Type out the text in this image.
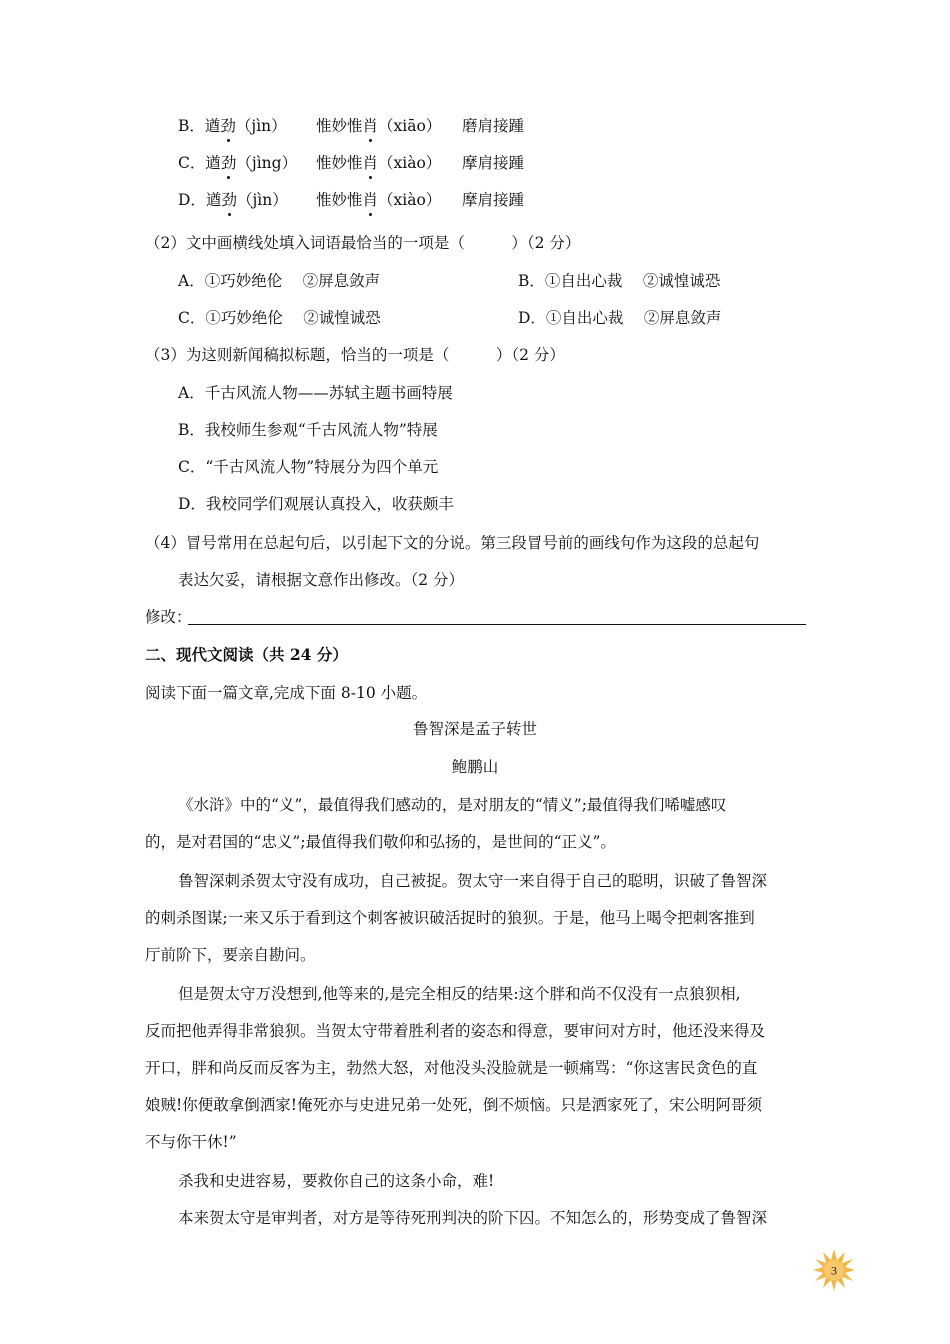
B．遒劲（jìn） 惟妙惟肖（xiāo） 磨肩接踵
C．遒劲（jìng） 惟妙惟肖（xiào） 摩肩接踵
D．遒劲（jìn） 惟妙惟肖（xiào） 摩肩接踵
（2）文中画横线处填入词语最恰当的一项是（　　　）（2 分）
A．①巧妙绝伦　 ②屏息敛声	B．①自出心裁　 ②诚惶诚恐
C．①巧妙绝伦　 ②诚惶诚恐	D．①自出心裁　 ②屏息敛声
（3）为这则新闻稿拟标题，恰当的一项是（　　　）（2 分）
A．千古风流人物——苏轼主题书画特展
B．我校师生参观“千古风流人物”特展
C．“千古风流人物”特展分为四个单元
D．我校同学们观展认真投入，收获颇丰
（4）冒号常用在总起句后，以引起下文的分说。第三段冒号前的画线句作为这段的总起句
表达欠妥，请根据文意作出修改。（2 分）
修改：
二、现代文阅读（共 24 分）
阅读下面一篇文章,完成下面 8-10 小题。
鲁智深是孟子转世
鲍鹏山
《水浒》中的“义”，最值得我们感动的，是对朋友的“情义”;最值得我们唏嘘感叹
的，是对君国的“忠义”;最值得我们敬仰和弘扬的，是世间的“正义”。
鲁智深刺杀贺太守没有成功，自己被捉。贺太守一来自得于自己的聪明，识破了鲁智深
的刺杀图谋;一来又乐于看到这个刺客被识破活捉时的狼狈。于是，他马上喝令把刺客推到
厅前阶下，要亲自勘问。
但是贺太守万没想到,他等来的,是完全相反的结果:这个胖和尚不仅没有一点狼狈相,
反而把他弄得非常狼狈。当贺太守带着胜利者的姿态和得意，要审问对方时，他还没来得及
开口，胖和尚反而反客为主，勃然大怒，对他没头没脸就是一顿痛骂：“你这害民贪色的直
娘贼!你便敢拿倒洒家!俺死亦与史进兄弟一处死，倒不烦恼。只是洒家死了，宋公明阿哥须
不与你干休!”
杀我和史进容易，要救你自己的这条小命，难!
本来贺太守是审判者，对方是等待死刑判决的阶下囚。不知怎么的，形势变成了鲁智深
3
